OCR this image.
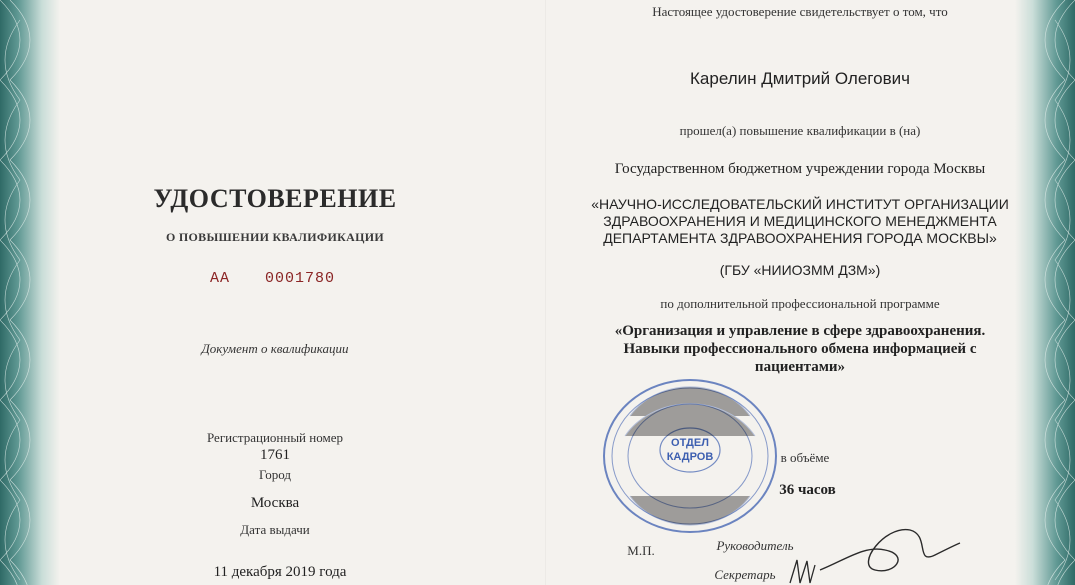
УДОСТОВЕРЕНИЕ
О ПОВЫШЕНИИ КВАЛИФИКАЦИИ
АА	0001780
Документ о квалификации
Регистрационный номер
1761
Город
Москва
Дата выдачи
11 декабря 2019 года
Настоящее удостоверение свидетельствует о том, что
Карелин Дмитрий Олегович
прошел(а) повышение квалификации в (на)
Государственном бюджетном учреждении города Москвы
«НАУЧНО-ИССЛЕДОВАТЕЛЬСКИЙ ИНСТИТУТ ОРГАНИЗАЦИИ
ЗДРАВООХРАНЕНИЯ И МЕДИЦИНСКОГО МЕНЕДЖМЕНТА
ДЕПАРТАМЕНТА ЗДРАВООХРАНЕНИЯ ГОРОДА МОСКВЫ»
(ГБУ «НИИОЗММ ДЗМ»)
по дополнительной профессиональной программе
«Организация и управление в сфере здравоохранения.
Навыки профессионального обмена информацией с
пациентами»
ОТДЕЛ
КАДРОВ	в объёме
36 часов
М.П.	Руководитель
Секретарь
